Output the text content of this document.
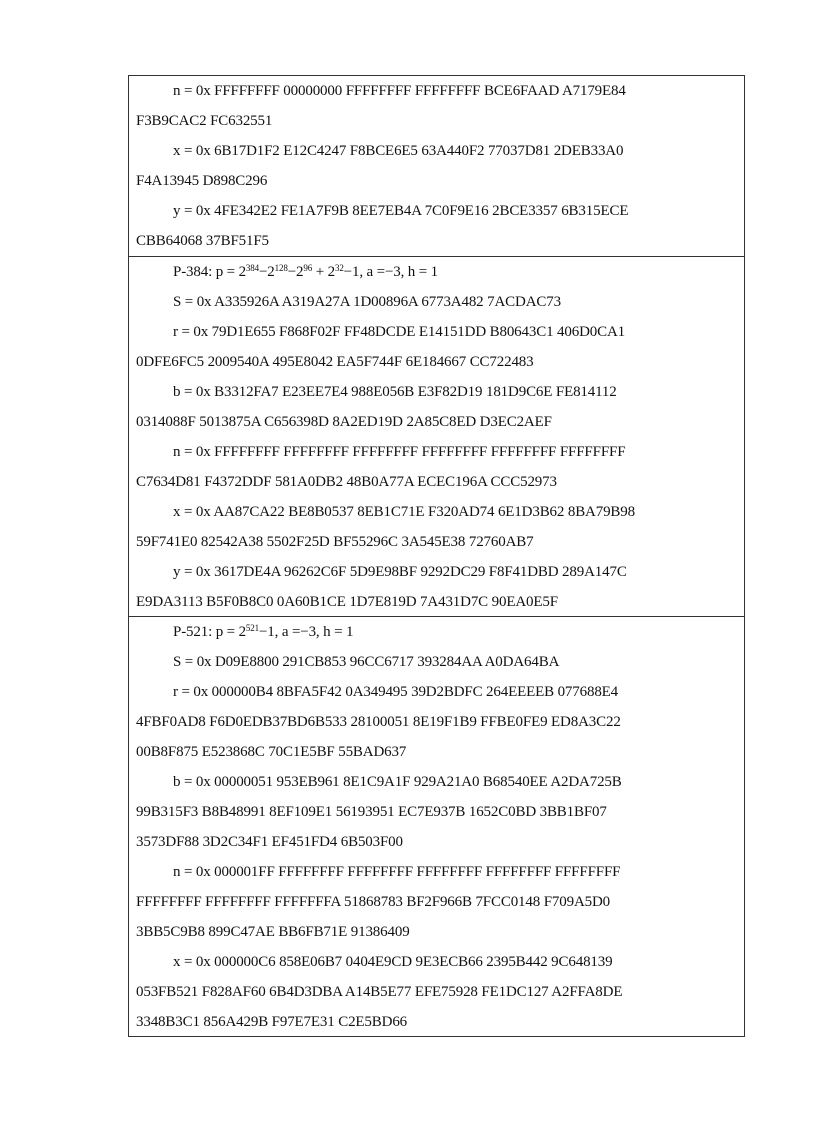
n = 0x FFFFFFFF 00000000 FFFFFFFF FFFFFFFF BCE6FAAD A7179E84
F3B9CAC2 FC632551
x = 0x 6B17D1F2 E12C4247 F8BCE6E5 63A440F2 77037D81 2DEB33A0
F4A13945 D898C296
y = 0x 4FE342E2 FE1A7F9B 8EE7EB4A 7C0F9E16 2BCE3357 6B315ECE
CBB64068 37BF51F5
P-384: $p = 2^{384}-2^{128}-2^{96} + 2^{32}-1$, a =−3, h = 1
S = 0x A335926A A319A27A 1D00896A 6773A482 7ACDAC73
r = 0x 79D1E655 F868F02F FF48DCDE E14151DD B80643C1 406D0CA1
0DFE6FC5 2009540A 495E8042 EA5F744F 6E184667 CC722483
b = 0x B3312FA7 E23EE7E4 988E056B E3F82D19 181D9C6E FE814112
0314088F 5013875A C656398D 8A2ED19D 2A85C8ED D3EC2AEF
n = 0x FFFFFFFF FFFFFFFF FFFFFFFF FFFFFFFF FFFFFFFF FFFFFFFF
C7634D81 F4372DDF 581A0DB2 48B0A77A ECEC196A CCC52973
x = 0x AA87CA22 BE8B0537 8EB1C71E F320AD74 6E1D3B62 8BA79B98
59F741E0 82542A38 5502F25D BF55296C 3A545E38 72760AB7
y = 0x 3617DE4A 96262C6F 5D9E98BF 9292DC29 F8F41DBD 289A147C
E9DA3113 B5F0B8C0 0A60B1CE 1D7E819D 7A431D7C 90EA0E5F
P-521: $p = 2^{521}-1$, a =−3, h = 1
S = 0x D09E8800 291CB853 96CC6717 393284AA A0DA64BA
r = 0x 000000B4 8BFA5F42 0A349495 39D2BDFC 264EEEEB 077688E4
4FBF0AD8 F6D0EDB37BD6B533 28100051 8E19F1B9 FFBE0FE9 ED8A3C22
00B8F875 E523868C 70C1E5BF 55BAD637
b = 0x 00000051 953EB961 8E1C9A1F 929A21A0 B68540EE A2DA725B
99B315F3 B8B48991 8EF109E1 56193951 EC7E937B 1652C0BD 3BB1BF07
3573DF88 3D2C34F1 EF451FD4 6B503F00
n = 0x 000001FF FFFFFFFF FFFFFFFF FFFFFFFF FFFFFFFF FFFFFFFF
FFFFFFFF FFFFFFFF FFFFFFFA 51868783 BF2F966B 7FCC0148 F709A5D0
3BB5C9B8 899C47AE BB6FB71E 91386409
x = 0x 000000C6 858E06B7 0404E9CD 9E3ECB66 2395B442 9C648139
053FB521 F828AF60 6B4D3DBA A14B5E77 EFE75928 FE1DC127 A2FFA8DE
3348B3C1 856A429B F97E7E31 C2E5BD66
